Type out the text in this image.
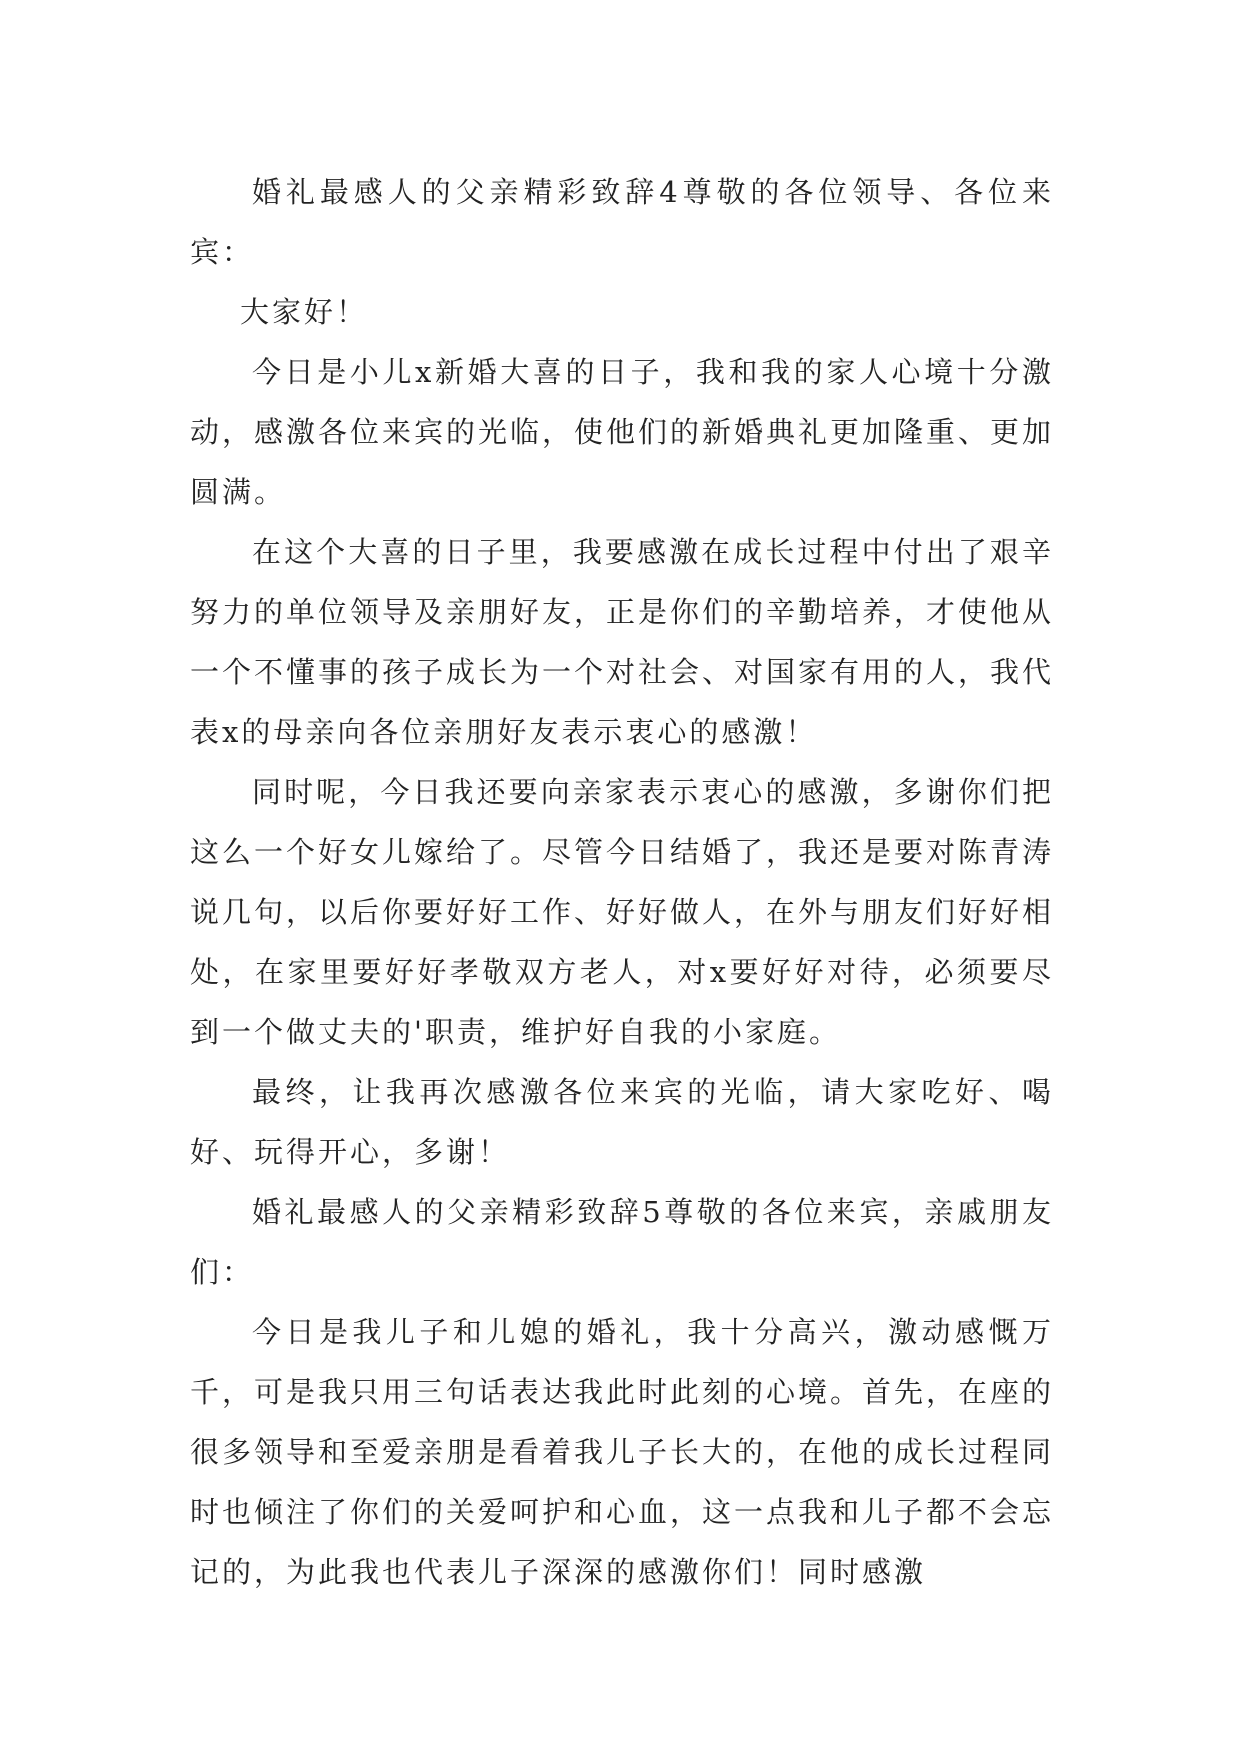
婚礼最感人的父亲精彩致辞4尊敬的各位领导、各位来宾：

大家好！

今日是小儿x新婚大喜的日子，我和我的家人心境十分激动，感激各位来宾的光临，使他们的新婚典礼更加隆重、更加圆满。

在这个大喜的日子里，我要感激在成长过程中付出了艰辛努力的单位领导及亲朋好友，正是你们的辛勤培养，才使他从一个不懂事的孩子成长为一个对社会、对国家有用的人，我代表x的母亲向各位亲朋好友表示衷心的感激！

同时呢，今日我还要向亲家表示衷心的感激，多谢你们把这么一个好女儿嫁给了。尽管今日结婚了，我还是要对陈青涛说几句，以后你要好好工作、好好做人，在外与朋友们好好相处，在家里要好好孝敬双方老人，对x要好好对待，必须要尽到一个做丈夫的'职责，维护好自我的小家庭。

最终，让我再次感激各位来宾的光临，请大家吃好、喝好、玩得开心，多谢！

婚礼最感人的父亲精彩致辞5尊敬的各位来宾，亲戚朋友们：

今日是我儿子和儿媳的婚礼，我十分高兴，激动感慨万千，可是我只用三句话表达我此时此刻的心境。首先，在座的很多领导和至爱亲朋是看着我儿子长大的，在他的成长过程同时也倾注了你们的关爱呵护和心血，这一点我和儿子都不会忘记的，为此我也代表儿子深深的感激你们！同时感激
